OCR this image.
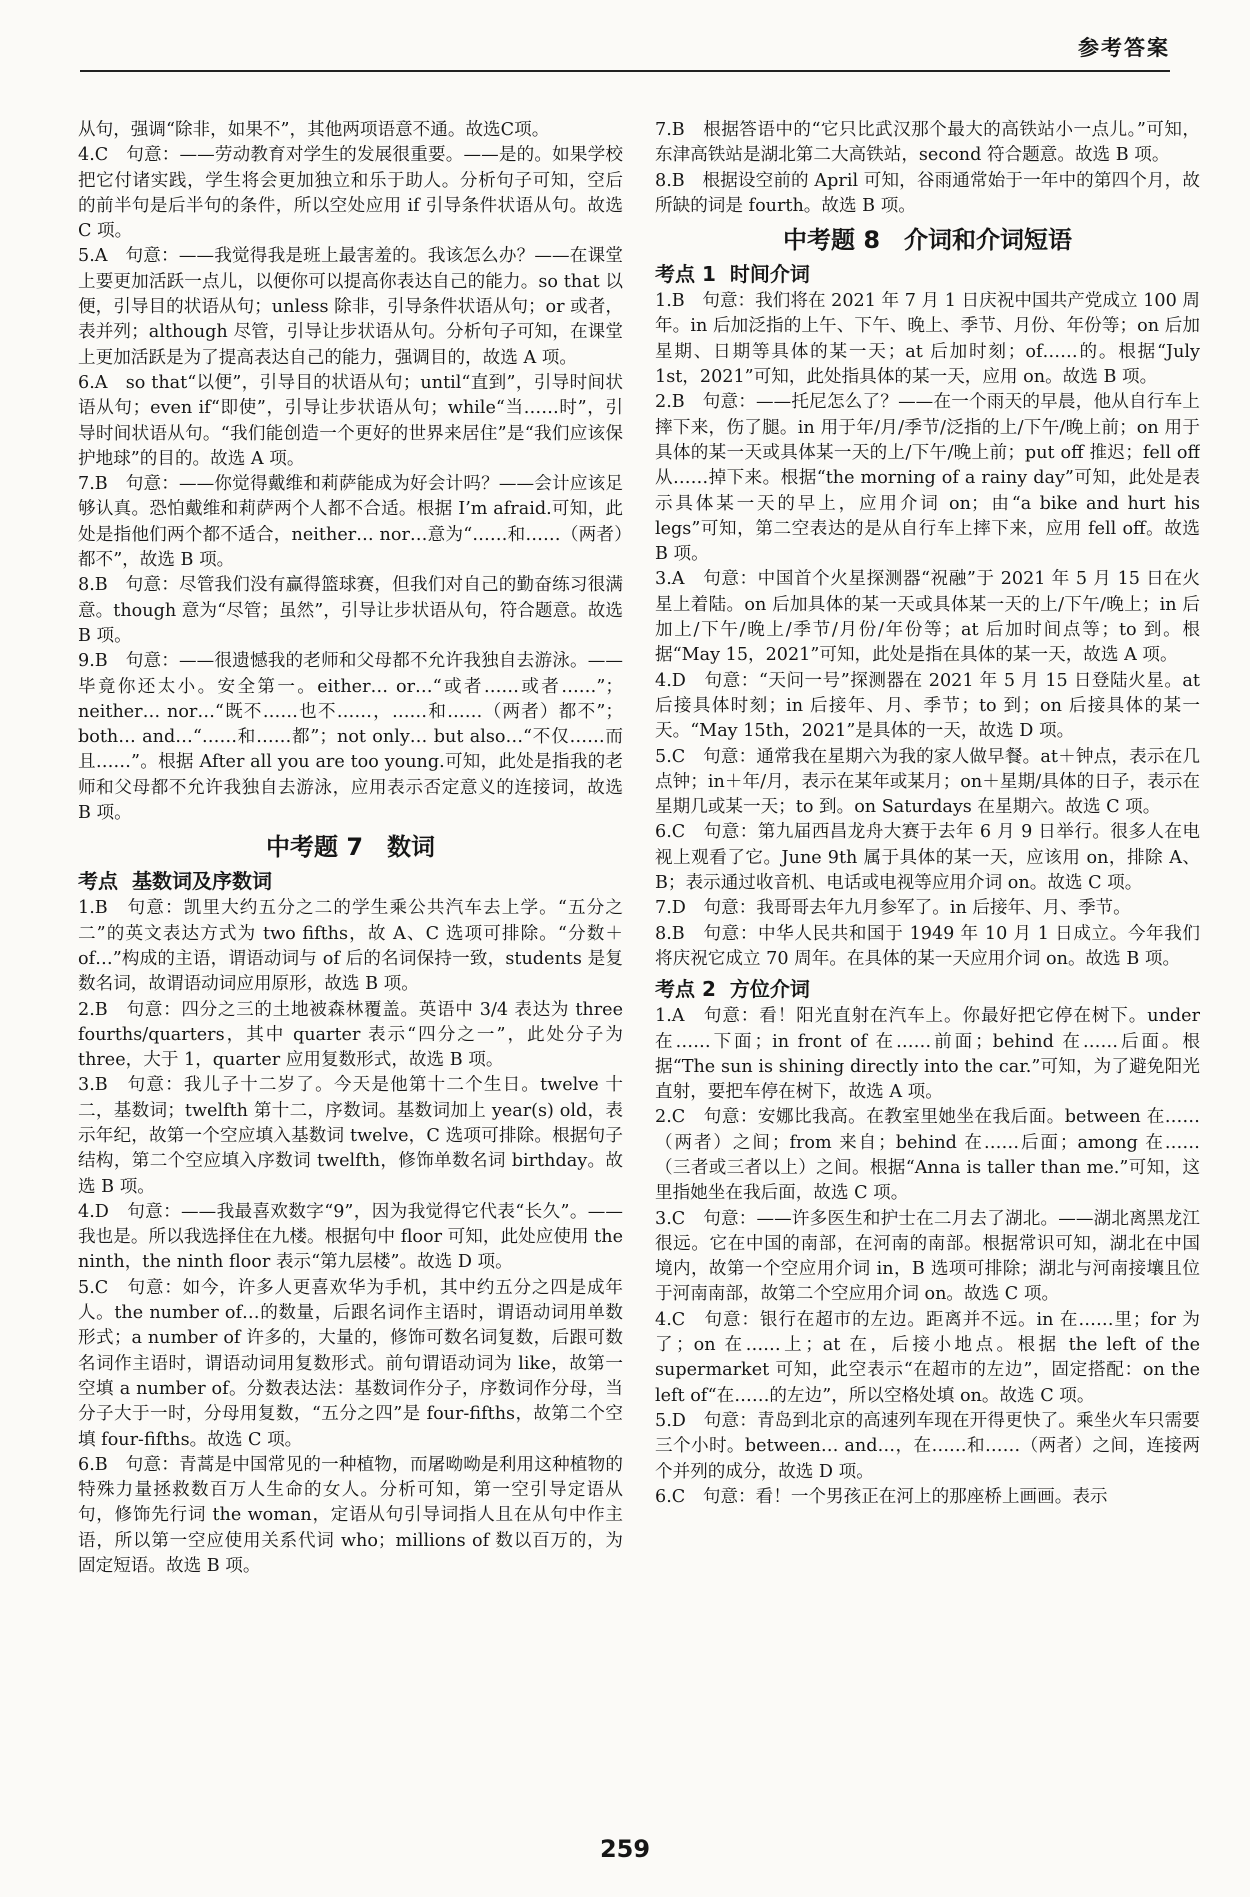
参考答案

从句，强调“除非，如果不”，其他两项语意不通。故选C项。

4.C　 句意：——劳动教育对学生的发展很重要。——是的。如果学校把它付诸实践，学生将会更加独立和乐于助人。分析句子可知，空后的前半句是后半句的条件，所以空处应用 if 引导条件状语从句。故选 C 项。

5.A　 句意：——我觉得我是班上最害羞的。我该怎么办？——在课堂上要更加活跃一点儿，以便你可以提高你表达自己的能力。so that 以便，引导目的状语从句；unless 除非，引导条件状语从句；or 或者，表并列；although 尽管，引导让步状语从句。分析句子可知，在课堂上更加活跃是为了提高表达自己的能力，强调目的，故选 A 项。

6.A　 so that“以便”，引导目的状语从句；until“直到”，引导时间状语从句；even if“即使”，引导让步状语从句；while“当……时”，引导时间状语从句。“我们能创造一个更好的世界来居住”是“我们应该保护地球”的目的。故选 A 项。

7.B　 句意：——你觉得戴维和莉萨能成为好会计吗？——会计应该足够认真。恐怕戴维和莉萨两个人都不合适。根据 I’m afraid.可知，此处是指他们两个都不适合，neither… nor…意为“……和……（两者）都不”，故选 B 项。

8.B　 句意：尽管我们没有赢得篮球赛，但我们对自己的勤奋练习很满意。though 意为“尽管；虽然”，引导让步状语从句，符合题意。故选 B 项。

9.B　 句意：——很遗憾我的老师和父母都不允许我独自去游泳。——毕竟你还太小。安全第一。either… or…“或者……或者……”；neither… nor…“既不……也不……，……和……（两者）都不”；both… and…“……和……都”；not only… but also…“不仅……而且……”。根据 After all you are too young.可知，此处是指我的老师和父母都不允许我独自去游泳，应用表示否定意义的连接词，故选 B 项。

中考题 7　数词
考点 基数词及序数词

1.B　 句意：凯里大约五分之二的学生乘公共汽车去上学。“五分之二”的英文表达方式为 two fifths，故 A、C 选项可排除。“分数＋of…”构成的主语，谓语动词与 of 后的名词保持一致，students 是复数名词，故谓语动词应用原形，故选 B 项。

2.B　 句意：四分之三的土地被森林覆盖。英语中 3/4 表达为 three fourths/quarters，其中 quarter 表示“四分之一”，此处分子为 three，大于 1，quarter 应用复数形式，故选 B 项。

3.B　 句意：我儿子十二岁了。今天是他第十二个生日。twelve 十二，基数词；twelfth 第十二，序数词。基数词加上 year(s) old，表示年纪，故第一个空应填入基数词 twelve，C 选项可排除。根据句子结构，第二个空应填入序数词 twelfth，修饰单数名词 birthday。故选 B 项。

4.D　 句意：——我最喜欢数字“9”，因为我觉得它代表“长久”。——我也是。所以我选择住在九楼。根据句中 floor 可知，此处应使用 the ninth，the ninth floor 表示“第九层楼”。故选 D 项。

5.C　 句意：如今，许多人更喜欢华为手机，其中约五分之四是成年人。the number of…的数量，后跟名词作主语时，谓语动词用单数形式；a number of 许多的，大量的，修饰可数名词复数，后跟可数名词作主语时，谓语动词用复数形式。前句谓语动词为 like，故第一空填 a number of。分数表达法：基数词作分子，序数词作分母，当分子大于一时，分母用复数，“五分之四”是 four-fifths，故第二个空填 four-fifths。故选 C 项。

6.B　 句意：青蒿是中国常见的一种植物，而屠呦呦是利用这种植物的特殊力量拯救数百万人生命的女人。分析可知，第一空引导定语从句，修饰先行词 the woman，定语从句引导词指人且在从句中作主语，所以第一空应使用关系代词 who；millions of 数以百万的，为固定短语。故选 B 项。

7.B　 根据答语中的“它只比武汉那个最大的高铁站小一点儿。”可知，东津高铁站是湖北第二大高铁站，second 符合题意。故选 B 项。

8.B　 根据设空前的 April 可知，谷雨通常始于一年中的第四个月，故所缺的词是 fourth。故选 B 项。

中考题 8　介词和介词短语
考点 1 时间介词

1.B　 句意：我们将在 2021 年 7 月 1 日庆祝中国共产党成立 100 周年。in 后加泛指的上午、下午、晚上、季节、月份、年份等；on 后加星期、日期等具体的某一天；at 后加时刻；of……的。根据“July 1st，2021”可知，此处指具体的某一天，应用 on。故选 B 项。

2.B　 句意：——托尼怎么了？——在一个雨天的早晨，他从自行车上摔下来，伤了腿。in 用于年/月/季节/泛指的上/下午/晚上前；on 用于具体的某一天或具体某一天的上/下午/晚上前；put off 推迟；fell off 从……掉下来。根据“the morning of a rainy day”可知，此处是表示具体某一天的早上，应用介词 on；由“a bike and hurt his legs”可知，第二空表达的是从自行车上摔下来，应用 fell off。故选 B 项。

3.A　 句意：中国首个火星探测器“祝融”于 2021 年 5 月 15 日在火星上着陆。on 后加具体的某一天或具体某一天的上/下午/晚上；in 后加上/下午/晚上/季节/月份/年份等；at 后加时间点等；to 到。根据“May 15，2021”可知，此处是指在具体的某一天，故选 A 项。

4.D　 句意：“天问一号”探测器在 2021 年 5 月 15 日登陆火星。at 后接具体时刻；in 后接年、月、季节；to 到；on 后接具体的某一天。“May 15th，2021”是具体的一天，故选 D 项。

5.C　 句意：通常我在星期六为我的家人做早餐。at＋钟点，表示在几点钟；in＋年/月，表示在某年或某月；on＋星期/具体的日子，表示在星期几或某一天；to 到。on Saturdays 在星期六。故选 C 项。

6.C　 句意：第九届西昌龙舟大赛于去年 6 月 9 日举行。很多人在电视上观看了它。June 9th 属于具体的某一天，应该用 on，排除 A、B；表示通过收音机、电话或电视等应用介词 on。故选 C 项。

7.D　 句意：我哥哥去年九月参军了。in 后接年、月、季节。

8.B　 句意：中华人民共和国于 1949 年 10 月 1 日成立。今年我们将庆祝它成立 70 周年。在具体的某一天应用介词 on。故选 B 项。

考点 2 方位介词

1.A　 句意：看！阳光直射在汽车上。你最好把它停在树下。under 在……下面；in front of 在……前面；behind 在……后面。根据“The sun is shining directly into the car.”可知，为了避免阳光直射，要把车停在树下，故选 A 项。

2.C　 句意：安娜比我高。在教室里她坐在我后面。between 在……（两者）之间；from 来自；behind 在……后面；among 在……（三者或三者以上）之间。根据“Anna is taller than me.”可知，这里指她坐在我后面，故选 C 项。

3.C　 句意：——许多医生和护士在二月去了湖北。——湖北离黑龙江很远。它在中国的南部，在河南的南部。根据常识可知，湖北在中国境内，故第一个空应用介词 in，B 选项可排除；湖北与河南接壤且位于河南南部，故第二个空应用介词 on。故选 C 项。

4.C　 句意：银行在超市的左边。距离并不远。in 在……里；for 为了；on 在……上；at 在，后接小地点。根据 the left of the supermarket 可知，此空表示“在超市的左边”，固定搭配：on the left of“在……的左边”，所以空格处填 on。故选 C 项。

5.D　 句意：青岛到北京的高速列车现在开得更快了。乘坐火车只需要三个小时。between… and…，在……和……（两者）之间，连接两个并列的成分，故选 D 项。

6.C　 句意：看！一个男孩正在河上的那座桥上画画。表示

259
